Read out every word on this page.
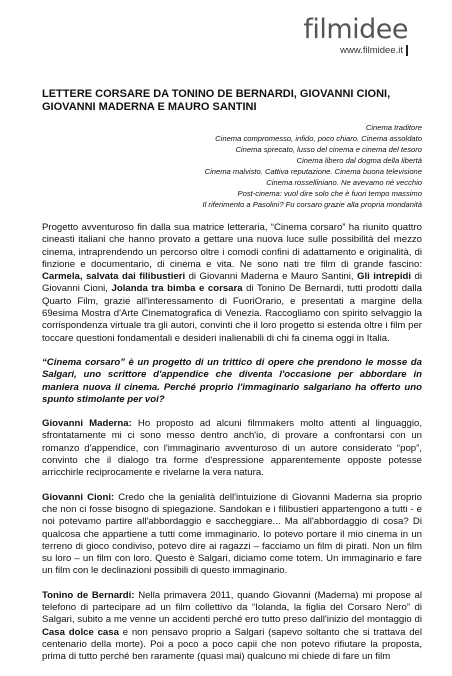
filmidee
www.filmidee.it
LETTERE CORSARE DA TONINO DE BERNARDI, GIOVANNI CIONI, GIOVANNI MADERNA E MAURO SANTINI
Cinema traditore
Cinema compromesso, infido, poco chiaro. Cinema assoldato
Cinema sprecato, lusso del cinema e cinema del tesoro
Cinema libero dal dogma della libertà
Cinema malvisto. Cattiva reputazione. Cinema buona televisione
Cinema rosselliniano. Ne avevamo né vecchio
Post-cinema: vuol dire solo che è fuori tempo massimo
Il riferimento a Pasolini? Fu corsaro grazie alla propria mondanità

Progetto avventuroso fin dalla sua matrice letteraria, “Cinema corsaro” ha riunito quattro cineasti italiani che hanno provato a gettare una nuova luce sulle possibilità del mezzo cinema, intraprendendo un percorso oltre i comodi confini di adattamento e originalità, di finzione e documentario, di cinema e vita. Ne sono nati tre film di grande fascino: Carmela, salvata dai filibustieri di Giovanni Maderna e Mauro Santini, Gli intrepidi di Giovanni Cioni, Jolanda tra bimba e corsara di Tonino De Bernardi, tutti prodotti dalla Quarto Film, grazie all'interessamento di FuoriOrario, e presentati a margine della 69esima Mostra d'Arte Cinematografica di Venezia. Raccogliamo con spirito selvaggio la corrispondenza virtuale tra gli autori, convinti che il loro progetto si estenda oltre i film per toccare questioni fondamentali e desideri inalienabili di chi fa cinema oggi in Italia.

“Cinema corsaro” è un progetto di un trittico di opere che prendono le mosse da Salgari, uno scrittore d'appendice che diventa l'occasione per abbordare in maniera nuova il cinema. Perché proprio l'immaginario salgariano ha offerto uno spunto stimolante per voi?

Giovanni Maderna: Ho proposto ad alcuni filmmakers molto attenti al linguaggio, sfrontatamente mi ci sono messo dentro anch'io, di provare a confrontarsi con un romanzo d'appendice, con l'immaginario avventuroso di un autore considerato “pop”, convinto che il dialogo tra forme d'espressione apparentemente opposte potesse arricchirle reciprocamente e rivelarne la vera natura.

Giovanni Cioni: Credo che la genialità dell'intuizione di Giovanni Maderna sia proprio che non ci fosse bisogno di spiegazione. Sandokan e i filibustieri appartengono a tutti - e noi potevamo partire all'abbordaggio e saccheggiare... Ma all'abbordaggio di cosa? Di qualcosa che appartiene a tutti come immaginario. Io potevo portare il mio cinema in un terreno di gioco condiviso, potevo dire ai ragazzi – facciamo un film di pirati. Non un film su loro – un film con loro. Questo è Salgari, diciamo come totem. Un immaginario e fare un film con le declinazioni possibili di questo immaginario.

Tonino de Bernardi: Nella primavera 2011, quando Giovanni (Maderna) mi propose al telefono di partecipare ad un film collettivo da “Iolanda, la figlia del Corsaro Nero” di Salgari, subito a me venne un accidenti perché ero tutto preso dall'inizio del montaggio di Casa dolce casa e non pensavo proprio a Salgari (sapevo soltanto che si trattava del centenario della morte). Poi a poco a poco capii che non potevo rifiutare la proposta, prima di tutto perché ben raramente (quasi mai) qualcuno mi chiede di fare un film
